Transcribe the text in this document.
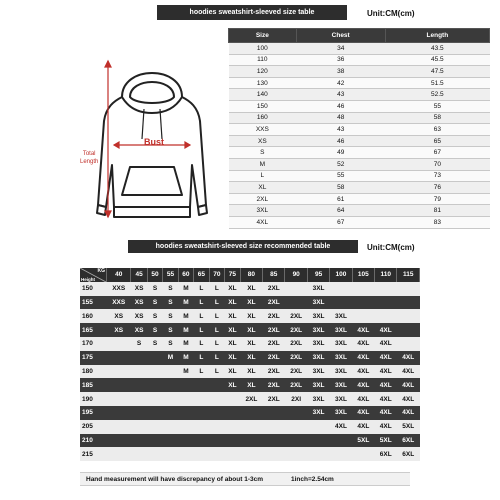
hoodies sweatshirt-sleeved size table	Unit:CM(cm)
Bust
Total
Length
Size	Chest	Length
100	34	43.5
110	36	45.5
120	38	47.5
130	42	51.5
140	43	52.5
150	46	55
160	48	58
XXS	43	63
XS	46	65
S	49	67
M	52	70
L	55	73
XL	58	76
2XL	61	79
3XL	64	81
4XL	67	83
hoodies sweatshirt-sleeved size recommended table	Unit:CM(cm)
KG
Height	40	45	50	55	60	65	70	75	80	85	90	95	100	105	110	115
150	XXS	XS	S	S	M	L	L	XL	XL	2XL		3XL				
155	XXS	XS	S	S	M	L	L	XL	XL	2XL		3XL				
160	XS	XS	S	S	M	L	L	XL	XL	2XL	2XL	3XL	3XL			
165	XS	XS	S	S	M	L	L	XL	XL	2XL	2XL	3XL	3XL	4XL	4XL	
170		S	S	S	M	L	L	XL	XL	2XL	2XL	3XL	3XL	4XL	4XL	
175				M	M	L	L	XL	XL	2XL	2XL	3XL	3XL	4XL	4XL	4XL
180					M	L	L	XL	XL	2XL	2XL	3XL	3XL	4XL	4XL	4XL
185								XL	XL	2XL	2XL	3XL	3XL	4XL	4XL	4XL
190									2XL	2XL	2XI	3XL	3XL	4XL	4XL	4XL
195												3XL	3XL	4XL	4XL	4XL
205													4XL	4XL	4XL	5XL
210														5XL	5XL	6XL
215															6XL	6XL
Hand measurement will have discrepancy of about 1-3cm	1inch=2.54cm
